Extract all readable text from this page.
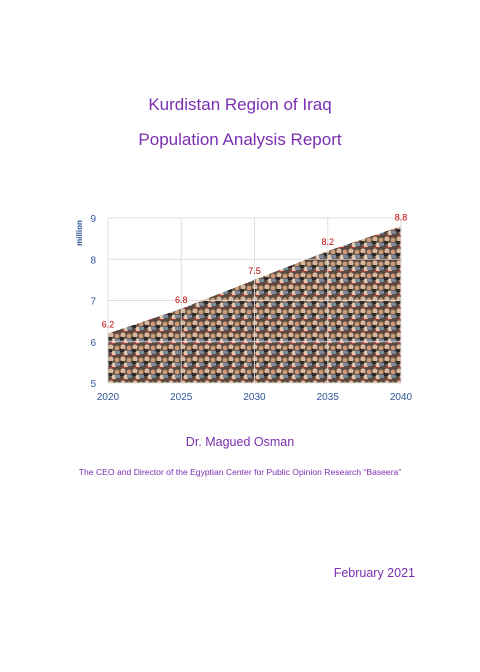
Kurdistan Region of Iraq
Population Analysis Report
5
6
7
8
9
2020	2025	2030	2035	2040
million
6.2
6.8
7.5
8.2
8.8
Dr. Magued Osman
The CEO and Director of the Egyptian Center for Public Opinion Research “Baseera”
February 2021
